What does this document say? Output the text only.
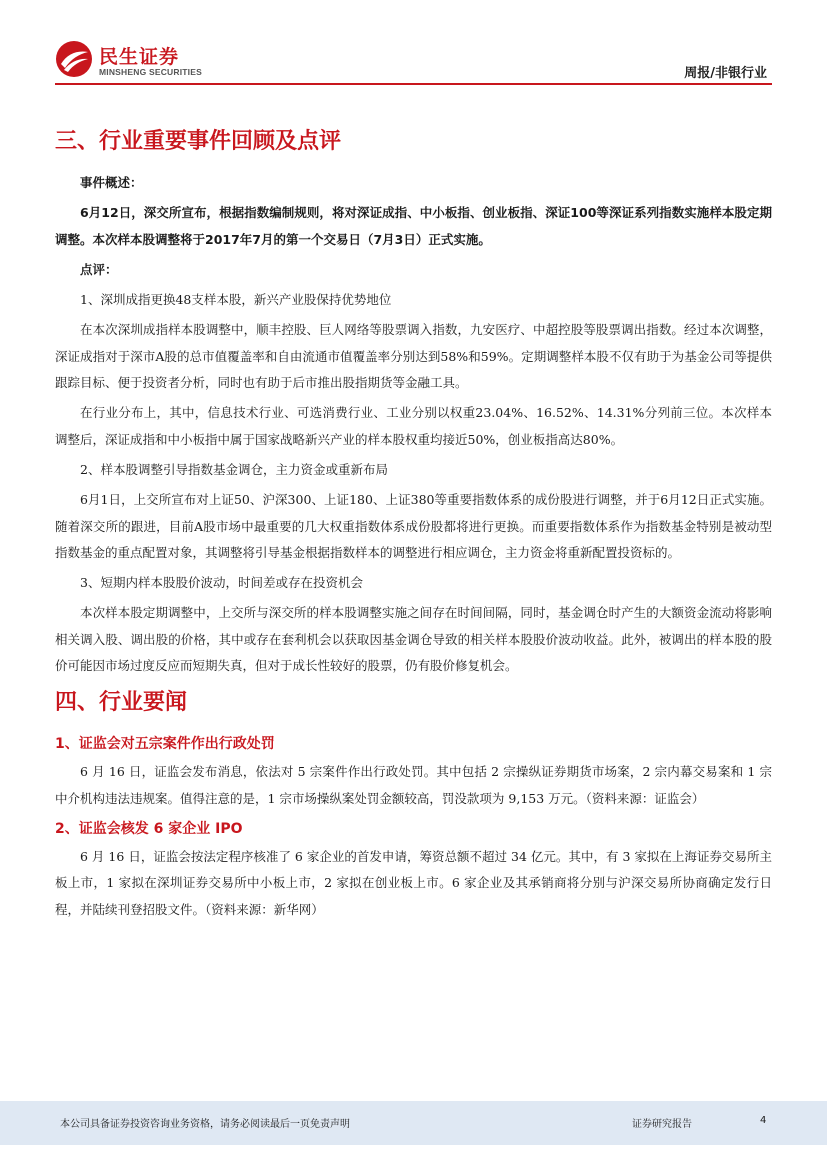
民生证券
MINSHENG SECURITIES	周报/非银行业
三、行业重要事件回顾及点评
事件概述：
6月12日，深交所宣布，根据指数编制规则，将对深证成指、中小板指、创业板指、深证100等深证系列指数实施样本股定期调整。本次样本股调整将于2017年7月的第一个交易日（7月3日）正式实施。
点评：
1、深圳成指更换48支样本股，新兴产业股保持优势地位
在本次深圳成指样本股调整中，顺丰控股、巨人网络等股票调入指数，九安医疗、中超控股等股票调出指数。经过本次调整，深证成指对于深市A股的总市值覆盖率和自由流通市值覆盖率分别达到58%和59%。定期调整样本股不仅有助于为基金公司等提供跟踪目标、便于投资者分析，同时也有助于后市推出股指期货等金融工具。
在行业分布上，其中，信息技术行业、可选消费行业、工业分别以权重23.04%、16.52%、14.31%分列前三位。本次样本调整后，深证成指和中小板指中属于国家战略新兴产业的样本股权重均接近50%，创业板指高达80%。
2、样本股调整引导指数基金调仓，主力资金或重新布局
6月1日，上交所宣布对上证50、沪深300、上证180、上证380等重要指数体系的成份股进行调整，并于6月12日正式实施。随着深交所的跟进，目前A股市场中最重要的几大权重指数体系成份股都将进行更换。而重要指数体系作为指数基金特别是被动型指数基金的重点配置对象，其调整将引导基金根据指数样本的调整进行相应调仓，主力资金将重新配置投资标的。
3、短期内样本股股价波动，时间差或存在投资机会
本次样本股定期调整中，上交所与深交所的样本股调整实施之间存在时间间隔，同时，基金调仓时产生的大额资金流动将影响相关调入股、调出股的价格，其中或存在套利机会以获取因基金调仓导致的相关样本股股价波动收益。此外，被调出的样本股的股价可能因市场过度反应而短期失真，但对于成长性较好的股票，仍有股价修复机会。
四、行业要闻
1、证监会对五宗案件作出行政处罚
6 月 16 日，证监会发布消息，依法对 5 宗案件作出行政处罚。其中包括 2 宗操纵证券期货市场案，2 宗内幕交易案和 1 宗中介机构违法违规案。值得注意的是，1 宗市场操纵案处罚金额较高，罚没款项为 9,153 万元。（资料来源：证监会）
2、证监会核发 6 家企业 IPO
6 月 16 日，证监会按法定程序核准了 6 家企业的首发申请，筹资总额不超过 34 亿元。其中，有 3 家拟在上海证券交易所主板上市，1 家拟在深圳证券交易所中小板上市，2 家拟在创业板上市。6 家企业及其承销商将分别与沪深交易所协商确定发行日程，并陆续刊登招股文件。（资料来源：新华网）
本公司具备证券投资咨询业务资格，请务必阅读最后一页免责声明	证券研究报告	4
